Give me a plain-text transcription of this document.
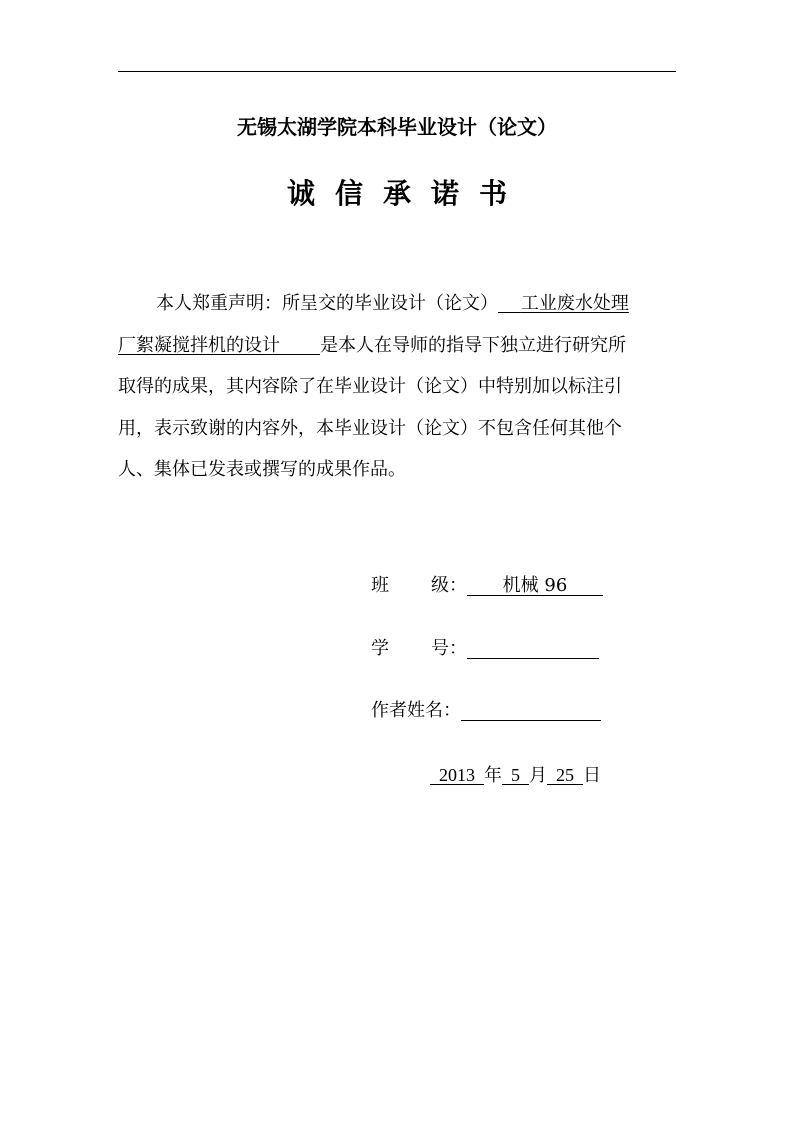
无锡太湖学院本科毕业设计（论文）
诚信承诺书
本人郑重声明：所呈交的毕业设计（论文） 工业废水处理
厂絮凝搅拌机的设计 是本人在导师的指导下独立进行研究所
取得的成果，其内容除了在毕业设计（论文）中特别加以标注引
用，表示致谢的内容外，本毕业设计（论文）不包含任何其他个
人、集体已发表或撰写的成果作品。
班 级： 机械 96
学 号：
作者姓名：
2013 年 5 月 25 日
